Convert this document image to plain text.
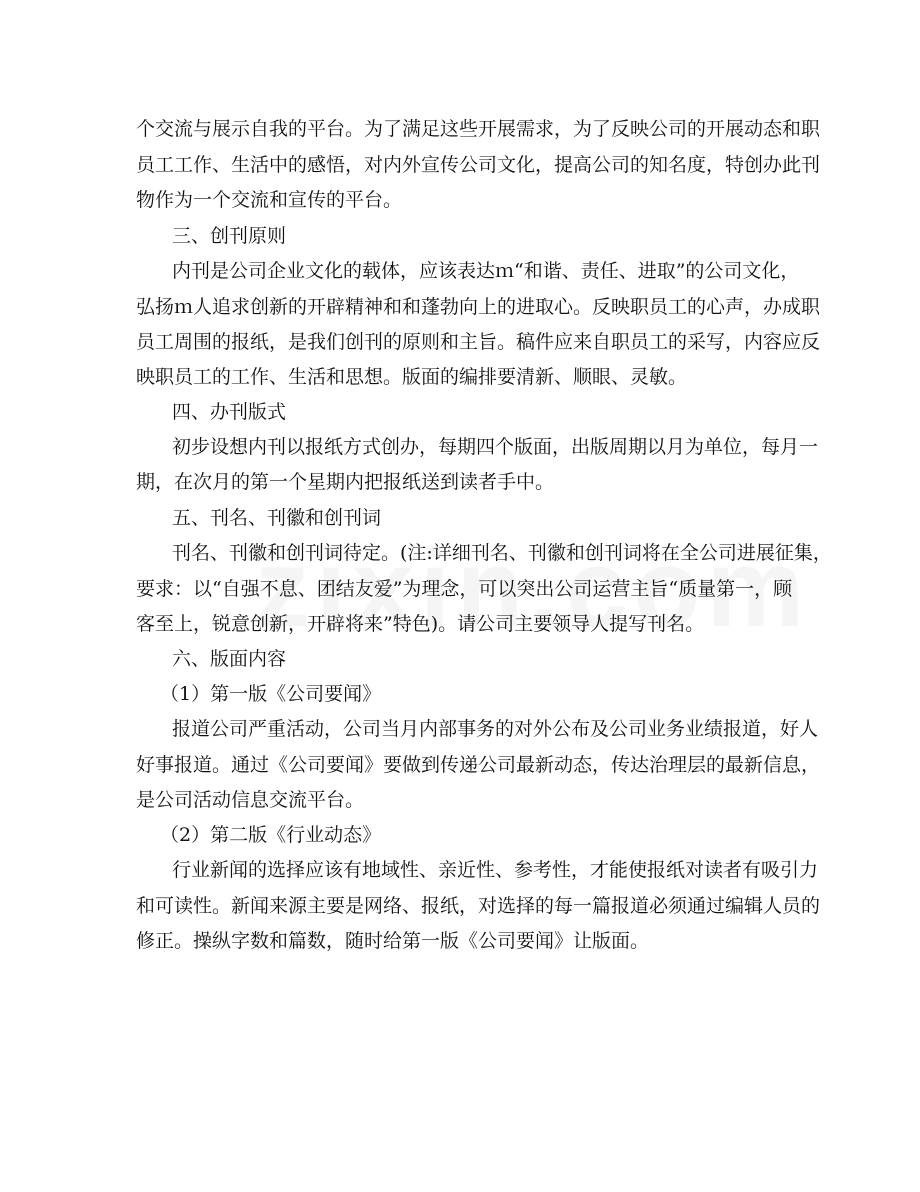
个交流与展示自我的平台。为了满足这些开展需求，为了反映公司的开展动态和职
员工工作、生活中的感悟，对内外宣传公司文化，提高公司的知名度，特创办此刊
物作为一个交流和宣传的平台。
三、创刊原则
内刊是公司企业文化的载体，应该表达ｍ“和谐、责任、进取”的公司文化，
弘扬ｍ人追求创新的开辟精神和和蓬勃向上的进取心。反映职员工的心声，办成职
员工周围的报纸，是我们创刊的原则和主旨。稿件应来自职员工的采写，内容应反
映职员工的工作、生活和思想。版面的编排要清新、顺眼、灵敏。
四、办刊版式
初步设想内刊以报纸方式创办，每期四个版面，出版周期以月为单位，每月一
期，在次月的第一个星期内把报纸送到读者手中。
五、刊名、刊徽和创刊词
刊名、刊徽和创刊词待定。(注:详细刊名、刊徽和创刊词将在全公司进展征集，
要求：以“自强不息、团结友爱”为理念，可以突出公司运营主旨“质量第一，顾
客至上，锐意创新，开辟将来”特色)。请公司主要领导人提写刊名。
六、版面内容
（1）第一版《公司要闻》
报道公司严重活动，公司当月内部事务的对外公布及公司业务业绩报道，好人
好事报道。通过《公司要闻》要做到传递公司最新动态，传达治理层的最新信息，
是公司活动信息交流平台。
（2）第二版《行业动态》
行业新闻的选择应该有地域性、亲近性、参考性，才能使报纸对读者有吸引力
和可读性。新闻来源主要是网络、报纸，对选择的每一篇报道必须通过编辑人员的
修正。操纵字数和篇数，随时给第一版《公司要闻》让版面。
